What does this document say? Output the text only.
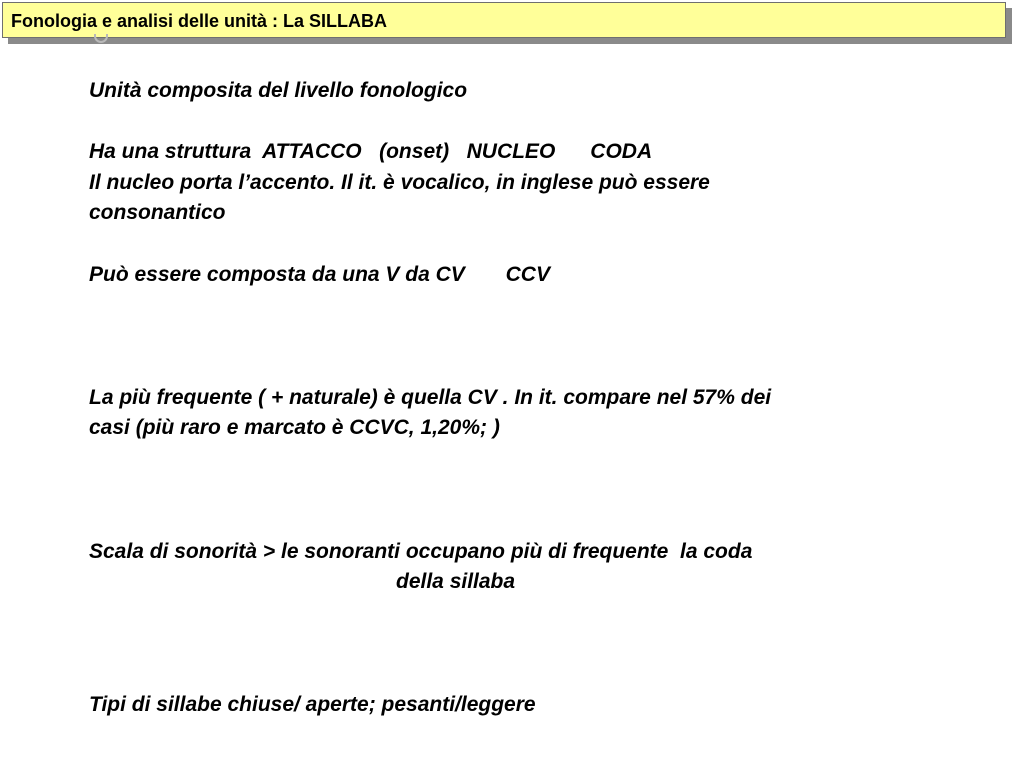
Fonologia e analisi delle unità : La SILLABA

Unità composita del livello fonologico

Ha una struttura  ATTACCO   (onset)   NUCLEO      CODA

Il nucleo porta l’accento. Il it. è vocalico, in inglese può essere

consonantico

Può essere composta da una V da CV       CCV

La più frequente ( + naturale) è quella CV . In it. compare nel 57% dei

casi (più raro e marcato è CCVC, 1,20%; )

Scala di sonorità > le sonoranti occupano più di frequente  la coda

della sillaba

Tipi di sillabe chiuse/ aperte; pesanti/leggere
